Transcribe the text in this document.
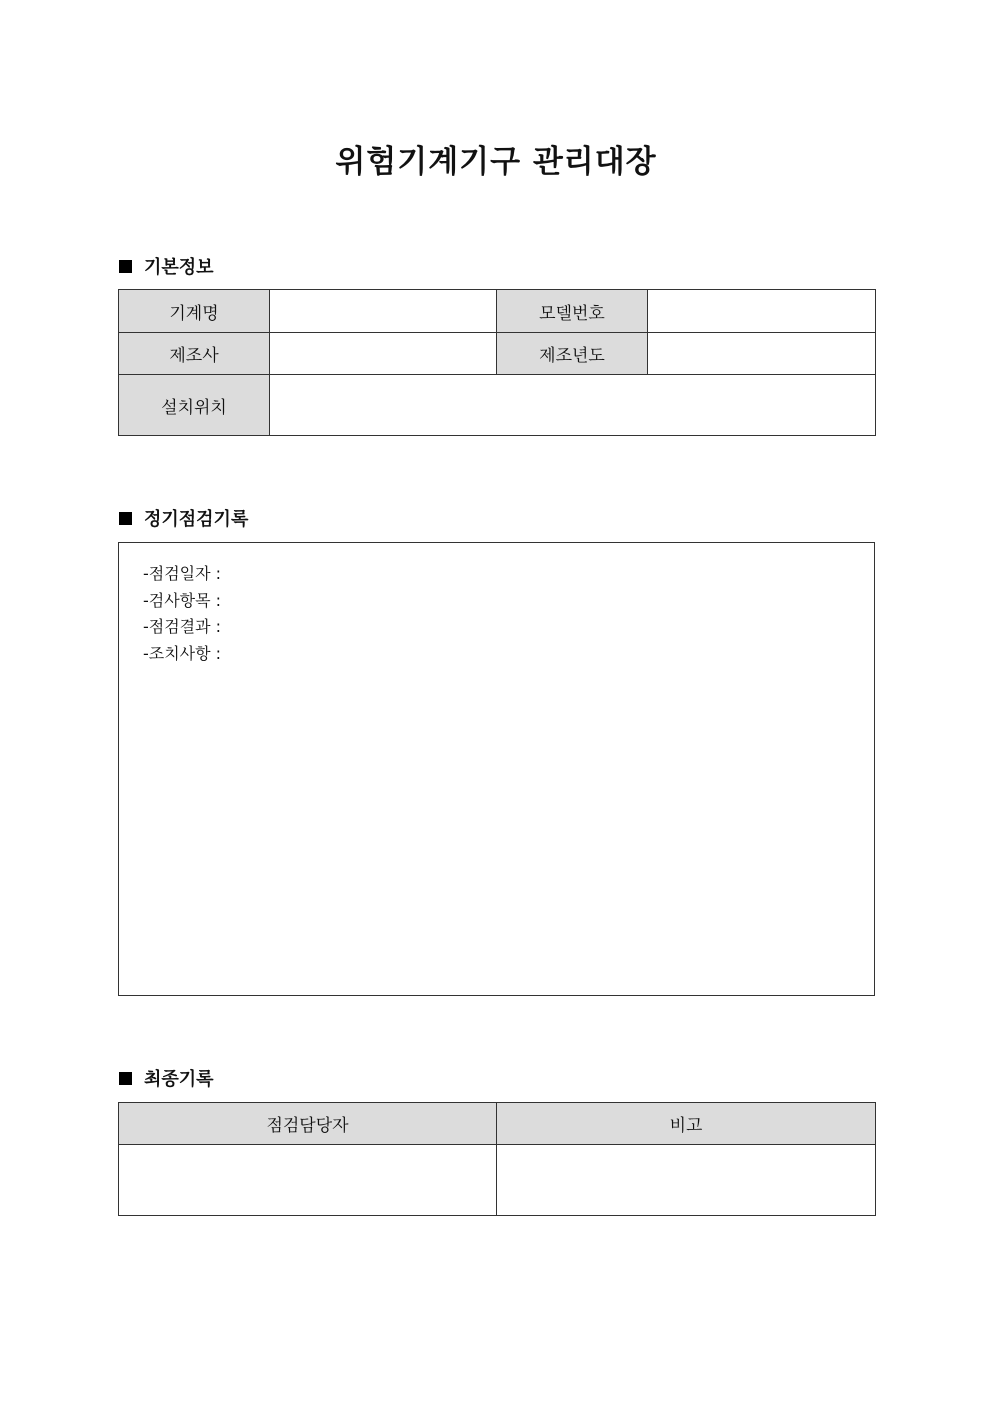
위험기계기구 관리대장
기본정보
기계명		모델번호	
제조사		제조년도	
설치위치			
정기점검기록
-점검일자 :
-검사항목 :
-점검결과 :
-조치사항 :
최종기록
점검담당자	비고
